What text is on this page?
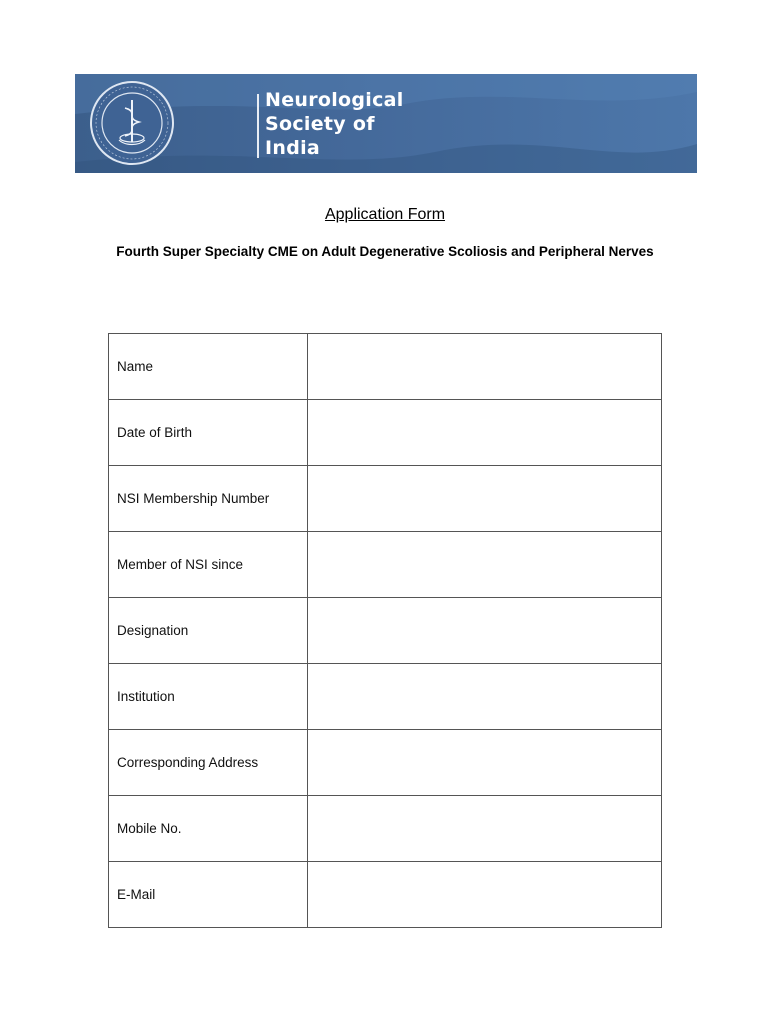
Neurological
Society of
India
Application Form
Fourth Super Specialty CME on Adult Degenerative Scoliosis and Peripheral Nerves
Name	
Date of Birth	
NSI Membership Number	
Member of NSI since	
Designation	
Institution	
Corresponding Address	
Mobile No.	
E-Mail	
